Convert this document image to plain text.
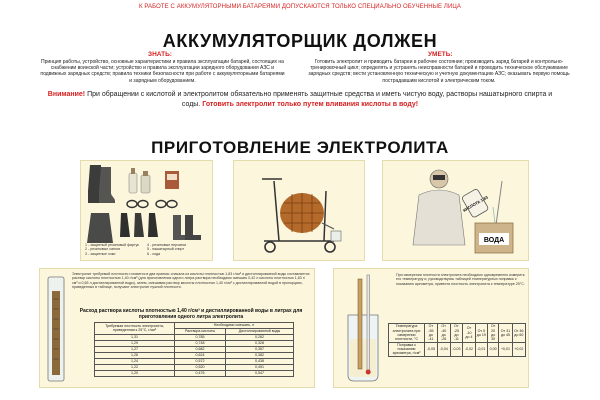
К РАБОТЕ С АККУМУЛЯТОРНЫМИ БАТАРЕЯМИ ДОПУСКАЮТСЯ ТОЛЬКО СПЕЦИАЛЬНО ОБУЧЕННЫЕ ЛИЦА
АККУМУЛЯТОРЩИК ДОЛЖЕН
ЗНАТЬ:
Принцип работы, устройство, основные характеристики и правила эксплуатации батарей, состоящих на снабжении воинской части; устройство и правила эксплуатации зарядного оборудования АЗС и подвижных зарядных средств; правила техники безопасности при работе с аккумуляторными батареями и зарядным оборудованием.
УМЕТЬ:
Готовить электролит и приводить батареи в рабочее состояние; производить заряд батарей и контрольно-тренировочный цикл; определять и устранять неисправности батарей и проводить техническое обслуживание зарядных средств; вести установленную техническую и учетную документацию АЗС; оказывать первую помощь пострадавшим кислотой и электрическим током.
Внимание! При обращении с кислотой и электролитом обязательно применять защитные средства и иметь чистую воду, растворы нашатырного спирта и соды. Готовить электролит только путем вливания кислоты в воду!
ПРИГОТОВЛЕНИЕ ЭЛЕКТРОЛИТА
1 - защитный резиновый фартук
2 - резиновые сапоги
3 - защитные очки
4 - резиновые перчатки
5 - нашатырный спирт
6 - сода
КИСЛОТА 1,83
ВОДА
Электролит требуемой плотности готовится в два приема: сначала из кислоты плотностью 1,83 г/см³ и дистиллированной воды составляется раствор кислоты плотностью 1,40 г/см³ (для приготовления одного литра раствора необходимо смешать 0,42 л кислоты плотностью 1,83 г/см³ и 0,65 л дистиллированной воды), затем, смешивая раствор кислоты плотностью 1,40 г/см³ с дистиллированной водой в пропорциях, приведенных в таблице, получают электролит нужной плотности.
Расход раствора кислоты плотностью 1,40 г/см³ и дистиллированной воды в литрах для приготовления одного литра электролита
Требуемая плотность электролита, приведенная к 25°С, г/см³	Необходимо смешать, л	
	Раствора кислоты	Дистиллированной воды
1,31	0,785	0,262
1,29	0,748	0,328
1,27	0,682	0,357
1,26	0,624	0,382
1,24	0,572	0,438
1,22	0,520	0,491
1,20	0,476	0,547
При измерении плотности электролита необходимо одновременно измерить его температуру и, руководствуясь таблицей температурных поправок к показанию ареометра, привести плотность электролита к температуре 25°С.
Температура электролита при измерении плотности, °С	От -55 до -41	От -40 до -26	От -25 до -11	От -10 до 4	От 5 до 19	От 20 до 30	От 31 до 45	От 46 до 60
Поправка к показанию ареометра, г/см³	-0,05	-0,04	-0,03	-0,02	-0,01	0,00	+0,01	+0,02
